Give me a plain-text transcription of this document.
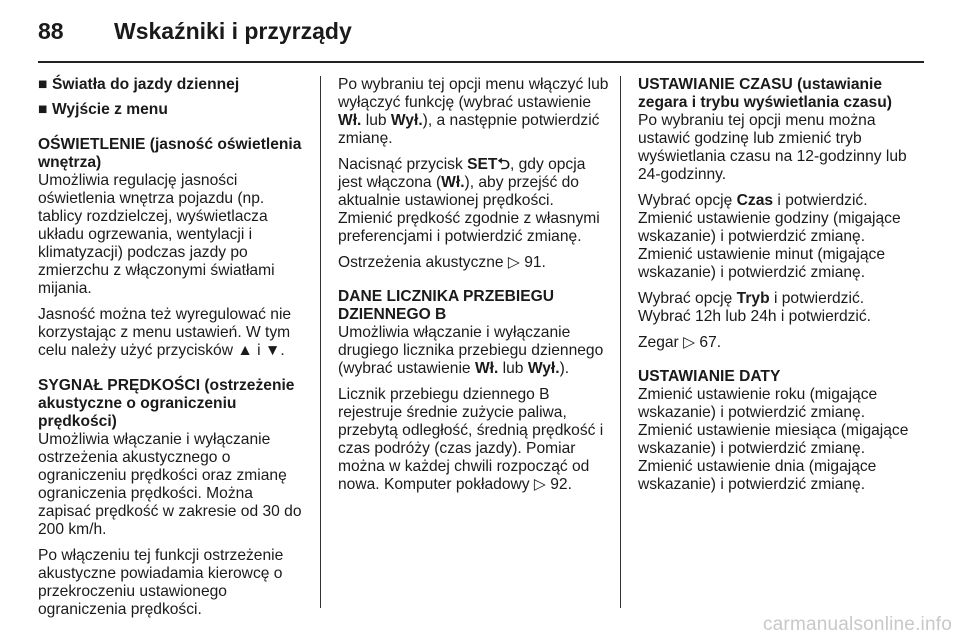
88 Wskaźniki i przyrządy
■ Światła do jazdy dziennej
■ Wyjście z menu
OŚWIETLENIE (jasność oświetlenia wnętrza)

Umożliwia regulację jasności oświetlenia wnętrza pojazdu (np. tablicy rozdzielczej, wyświetlacza układu ogrzewania, wentylacji i klimatyzacji) podczas jazdy po zmierzchu z włączonymi światłami mijania.

Jasność można też wyregulować nie korzystając z menu ustawień. W tym celu należy użyć przycisków ▲ i ▼.

SYGNAŁ PRĘDKOŚCI (ostrzeżenie akustyczne o ograniczeniu prędkości)

Umożliwia włączanie i wyłączanie ostrzeżenia akustycznego o ograniczeniu prędkości oraz zmianę ograniczenia prędkości. Można zapisać prędkość w zakresie od 30 do 200 km/h.

Po włączeniu tej funkcji ostrzeżenie akustyczne powiadamia kierowcę o przekroczeniu ustawionego ograniczenia prędkości.

Po wybraniu tej opcji menu włączyć lub wyłączyć funkcję (wybrać ustawienie Wł. lub Wył.), a następnie potwierdzić zmianę.

Nacisnąć przycisk SET⮌, gdy opcja jest włączona (Wł.), aby przejść do aktualnie ustawionej prędkości. Zmienić prędkość zgodnie z własnymi preferencjami i potwierdzić zmianę.

Ostrzeżenia akustyczne ▷ 91.

DANE LICZNIKA PRZEBIEGU DZIENNEGO B

Umożliwia włączanie i wyłączanie drugiego licznika przebiegu dziennego (wybrać ustawienie Wł. lub Wył.).

Licznik przebiegu dziennego B rejestruje średnie zużycie paliwa, przebytą odległość, średnią prędkość i czas podróży (czas jazdy). Pomiar można w każdej chwili rozpocząć od nowa. Komputer pokładowy ▷ 92.

USTAWIANIE CZASU (ustawianie zegara i trybu wyświetlania czasu)

Po wybraniu tej opcji menu można ustawić godzinę lub zmienić tryb wyświetlania czasu na 12-godzinny lub 24-godzinny.

Wybrać opcję Czas i potwierdzić. Zmienić ustawienie godziny (migające wskazanie) i potwierdzić zmianę. Zmienić ustawienie minut (migające wskazanie) i potwierdzić zmianę.

Wybrać opcję Tryb i potwierdzić. Wybrać 12h lub 24h i potwierdzić.

Zegar ▷ 67.

USTAWIANIE DATY

Zmienić ustawienie roku (migające wskazanie) i potwierdzić zmianę. Zmienić ustawienie miesiąca (migające wskazanie) i potwierdzić zmianę. Zmienić ustawienie dnia (migające wskazanie) i potwierdzić zmianę.

carmanualsonline.info
